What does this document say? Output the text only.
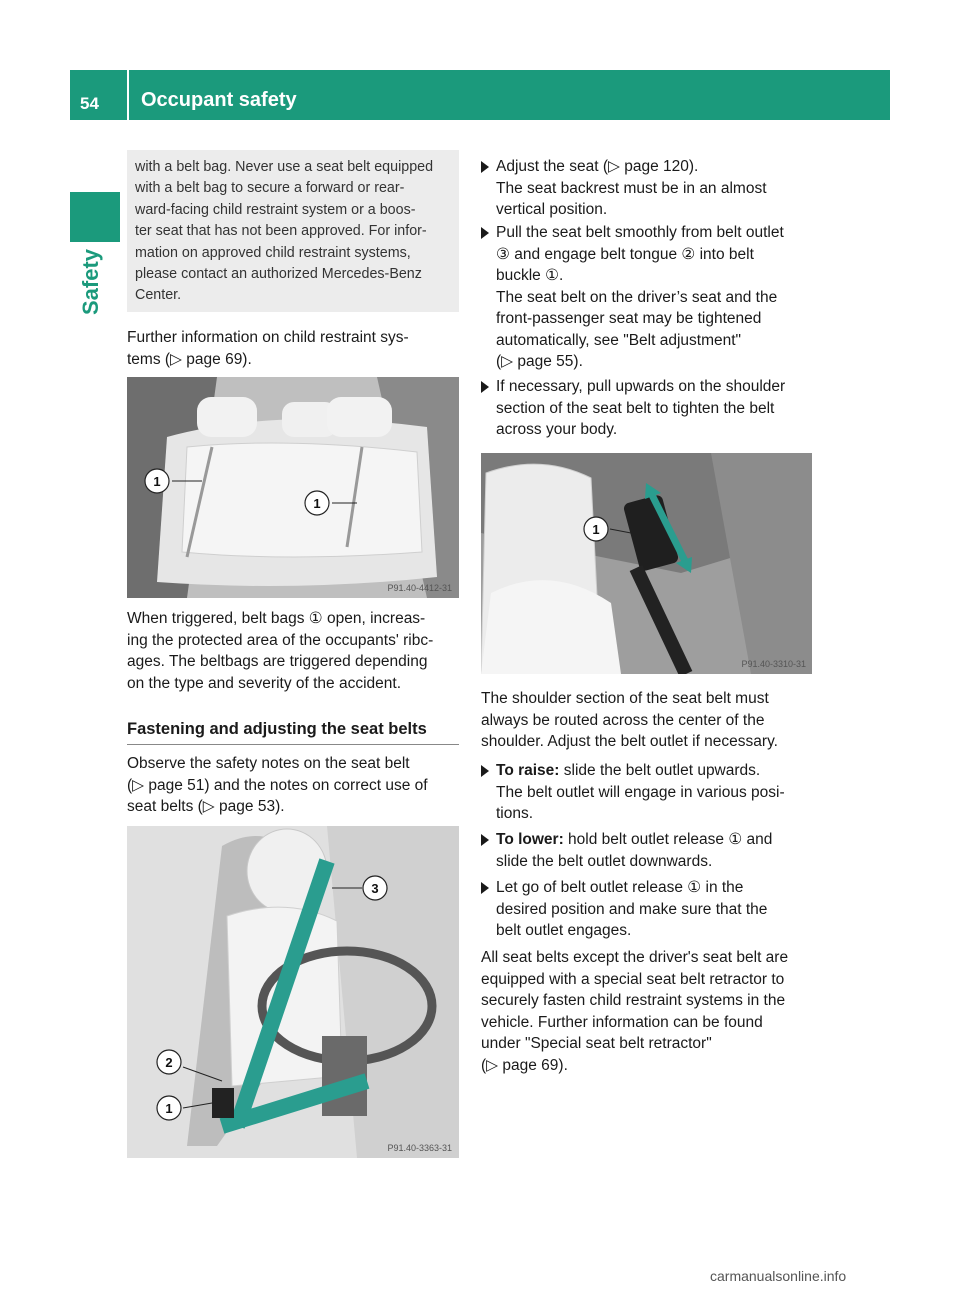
54 Occupant safety
Safety
with a belt bag. Never use a seat belt equipped
with a belt bag to secure a forward or rear-
ward-facing child restraint system or a boos-
ter seat that has not been approved. For infor-
mation on approved child restraint systems,
please contact an authorized Mercedes-Benz
Center.
Further information on child restraint sys-
tems (▷ page 69).
1
1
P91.40-4412-31
When triggered, belt bags ① open, increas-
ing the protected area of the occupants' ribc-
ages. The beltbags are triggered depending
on the type and severity of the accident.
Fastening and adjusting the seat belts
Observe the safety notes on the seat belt
(▷ page 51) and the notes on correct use of
seat belts (▷ page 53).
3
2
1
P91.40-3363-31
Adjust the seat (▷ page 120).
The seat backrest must be in an almost
vertical position.
Pull the seat belt smoothly from belt outlet
③ and engage belt tongue ② into belt
buckle ①.
The seat belt on the driver’s seat and the
front-passenger seat may be tightened
automatically, see "Belt adjustment"
(▷ page 55).
If necessary, pull upwards on the shoulder
section of the seat belt to tighten the belt
across your body.
1
P91.40-3310-31
The shoulder section of the seat belt must
always be routed across the center of the
shoulder. Adjust the belt outlet if necessary.
To raise: slide the belt outlet upwards.
The belt outlet will engage in various posi-
tions.
To lower: hold belt outlet release ① and
slide the belt outlet downwards.
Let go of belt outlet release ① in the
desired position and make sure that the
belt outlet engages.
All seat belts except the driver's seat belt are
equipped with a special seat belt retractor to
securely fasten child restraint systems in the
vehicle. Further information can be found
under "Special seat belt retractor"
(▷ page 69).
carmanualsonline.info
